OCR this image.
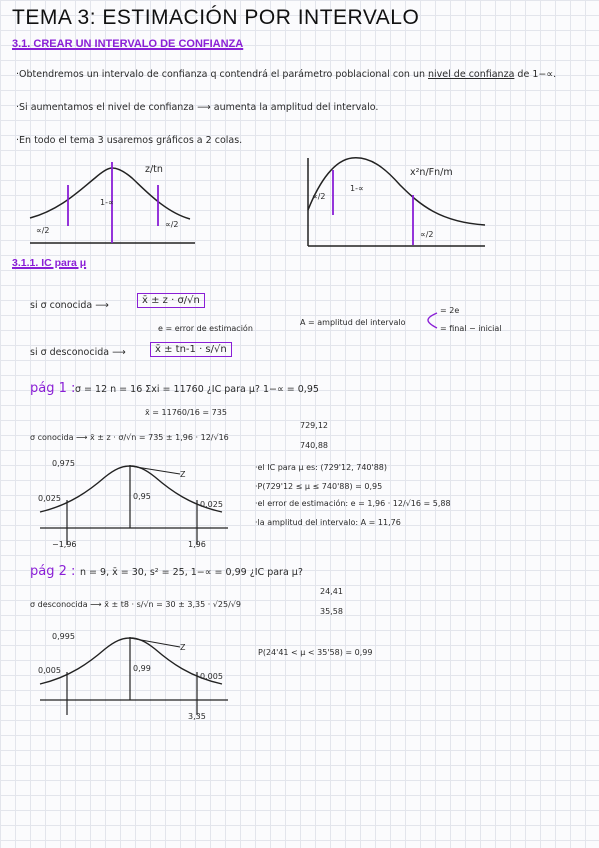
TEMA 3: ESTIMACIÓN POR INTERVALO
3.1. CREAR UN INTERVALO DE CONFIANZA
·Obtendremos un intervalo de confianza q contendrá el parámetro poblacional con un nivel de confianza de 1−∝.
·Si aumentamos el nivel de confianza ⟶ aumenta la amplitud del intervalo.
·En todo el tema 3 usaremos gráficos a 2 colas.
z/tn
1-∝
∝/2
∝/2
x²n/Fn/m
1-∝
∝/2
∝/2
3.1.1. IC para μ
si σ conocida ⟶	x̄ ± z · σ/√n
e = error de estimación
si σ desconocida ⟶	x̄ ± tn-1 · s/√n
A = amplitud del intervalo
= 2e
= final − inicial
pág 1 : σ = 12 n = 16 Σxi = 11760 ¿IC para μ? 1−∝ = 0,95
x̄ = 11760/16 = 735
σ conocida ⟶ x̄ ± z · σ/√n = 735 ± 1,96 · 12/√16
729,12
740,88
0,975
Z
0,025	0,95
0,025
−1,96	1,96
·el IC para μ es: (729'12, 740'88)
·P(729'12 ≤ μ ≤ 740'88) = 0,95
·el error de estimación: e = 1,96 · 12/√16 = 5,88
·la amplitud del intervalo: A = 11,76
pág 2 : n = 9, x̄ = 30, s² = 25, 1−∝ = 0,99 ¿IC para μ?
σ desconocida ⟶ x̄ ± t8 · s/√n = 30 ± 3,35 · √25/√9
24,41
35,58
0,995
Z
0,005	0,99
0,005
3,35
P(24'41 < μ < 35'58) = 0,99
